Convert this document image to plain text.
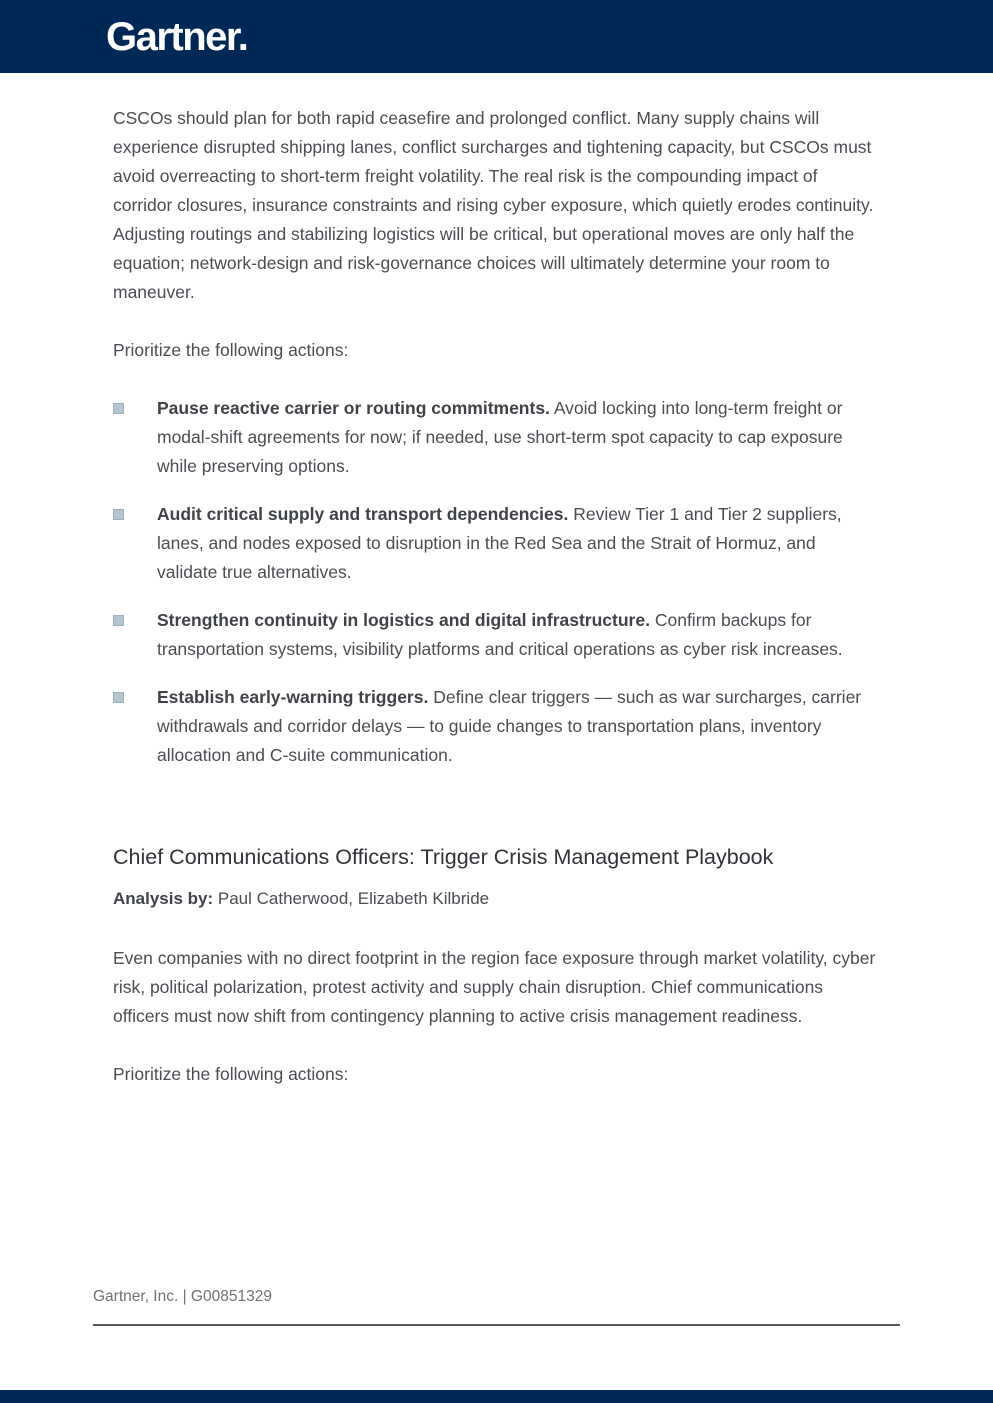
Gartner.

CSCOs should plan for both rapid ceasefire and prolonged conflict. Many supply chains will experience disrupted shipping lanes, conflict surcharges and tightening capacity, but CSCOs must avoid overreacting to short-term freight volatility. The real risk is the compounding impact of corridor closures, insurance constraints and rising cyber exposure, which quietly erodes continuity. Adjusting routings and stabilizing logistics will be critical, but operational moves are only half the equation; network-design and risk-governance choices will ultimately determine your room to maneuver.

Prioritize the following actions:

Pause reactive carrier or routing commitments. Avoid locking into long-term freight or modal-shift agreements for now; if needed, use short-term spot capacity to cap exposure while preserving options.

Audit critical supply and transport dependencies. Review Tier 1 and Tier 2 suppliers, lanes, and nodes exposed to disruption in the Red Sea and the Strait of Hormuz, and validate true alternatives.

Strengthen continuity in logistics and digital infrastructure. Confirm backups for transportation systems, visibility platforms and critical operations as cyber risk increases.

Establish early-warning triggers. Define clear triggers — such as war surcharges, carrier withdrawals and corridor delays — to guide changes to transportation plans, inventory allocation and C-suite communication.

Chief Communications Officers: Trigger Crisis Management Playbook

Analysis by: Paul Catherwood, Elizabeth Kilbride

Even companies with no direct footprint in the region face exposure through market volatility, cyber risk, political polarization, protest activity and supply chain disruption. Chief communications officers must now shift from contingency planning to active crisis management readiness.

Prioritize the following actions:

Gartner, Inc. | G00851329
